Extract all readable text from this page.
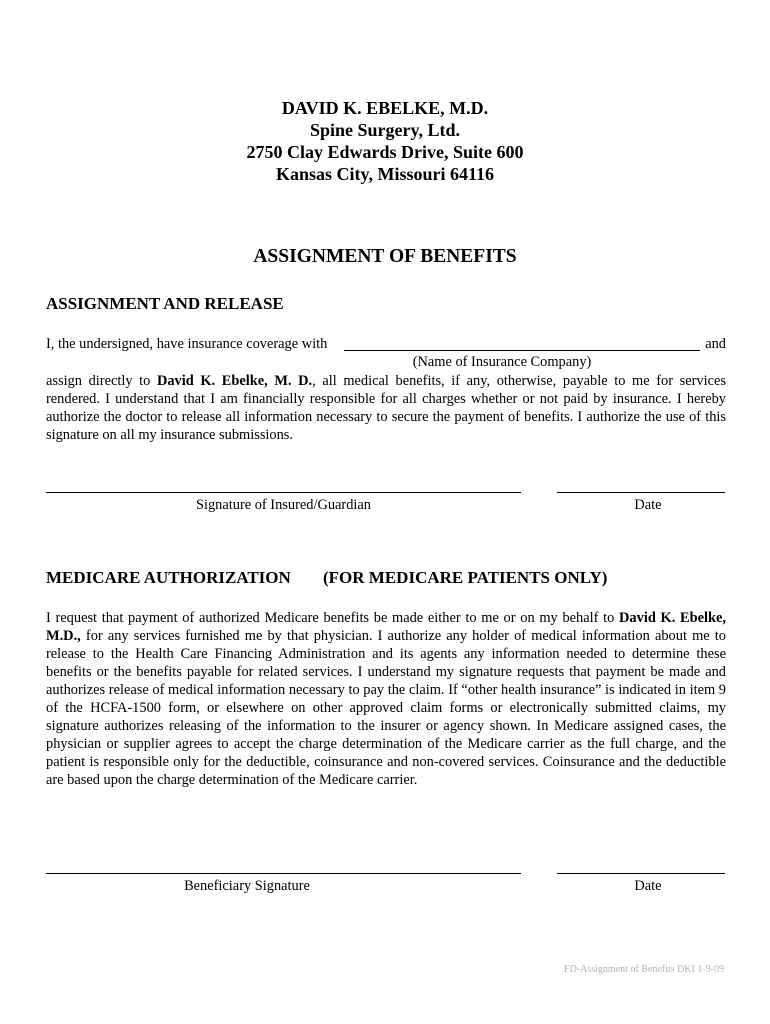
DAVID K. EBELKE, M.D.
Spine Surgery, Ltd.
2750 Clay Edwards Drive, Suite 600
Kansas City, Missouri 64116
ASSIGNMENT OF BENEFITS
ASSIGNMENT AND RELEASE
I, the undersigned, have insurance coverage with	and
(Name of Insurance Company)
assign directly to David K. Ebelke, M. D., all medical benefits, if any, otherwise, payable to me for services rendered. I understand that I am financially responsible for all charges whether or not paid by insurance. I hereby authorize the doctor to release all information necessary to secure the payment of benefits. I authorize the use of this signature on all my insurance submissions.
Signature of Insured/Guardian	Date
MEDICARE AUTHORIZATION (FOR MEDICARE PATIENTS ONLY)
I request that payment of authorized Medicare benefits be made either to me or on my behalf to David K. Ebelke, M.D., for any services furnished me by that physician. I authorize any holder of medical information about me to release to the Health Care Financing Administration and its agents any information needed to determine these benefits or the benefits payable for related services. I understand my signature requests that payment be made and authorizes release of medical information necessary to pay the claim. If “other health insurance” is indicated in item 9 of the HCFA-1500 form, or elsewhere on other approved claim forms or electronically submitted claims, my signature authorizes releasing of the information to the insurer or agency shown. In Medicare assigned cases, the physician or supplier agrees to accept the charge determination of the Medicare carrier as the full charge, and the patient is responsible only for the deductible, coinsurance and non-covered services. Coinsurance and the deductible are based upon the charge determination of the Medicare carrier.
Beneficiary Signature	Date
FD-Assignment of Benefits DKI 1-9-09
